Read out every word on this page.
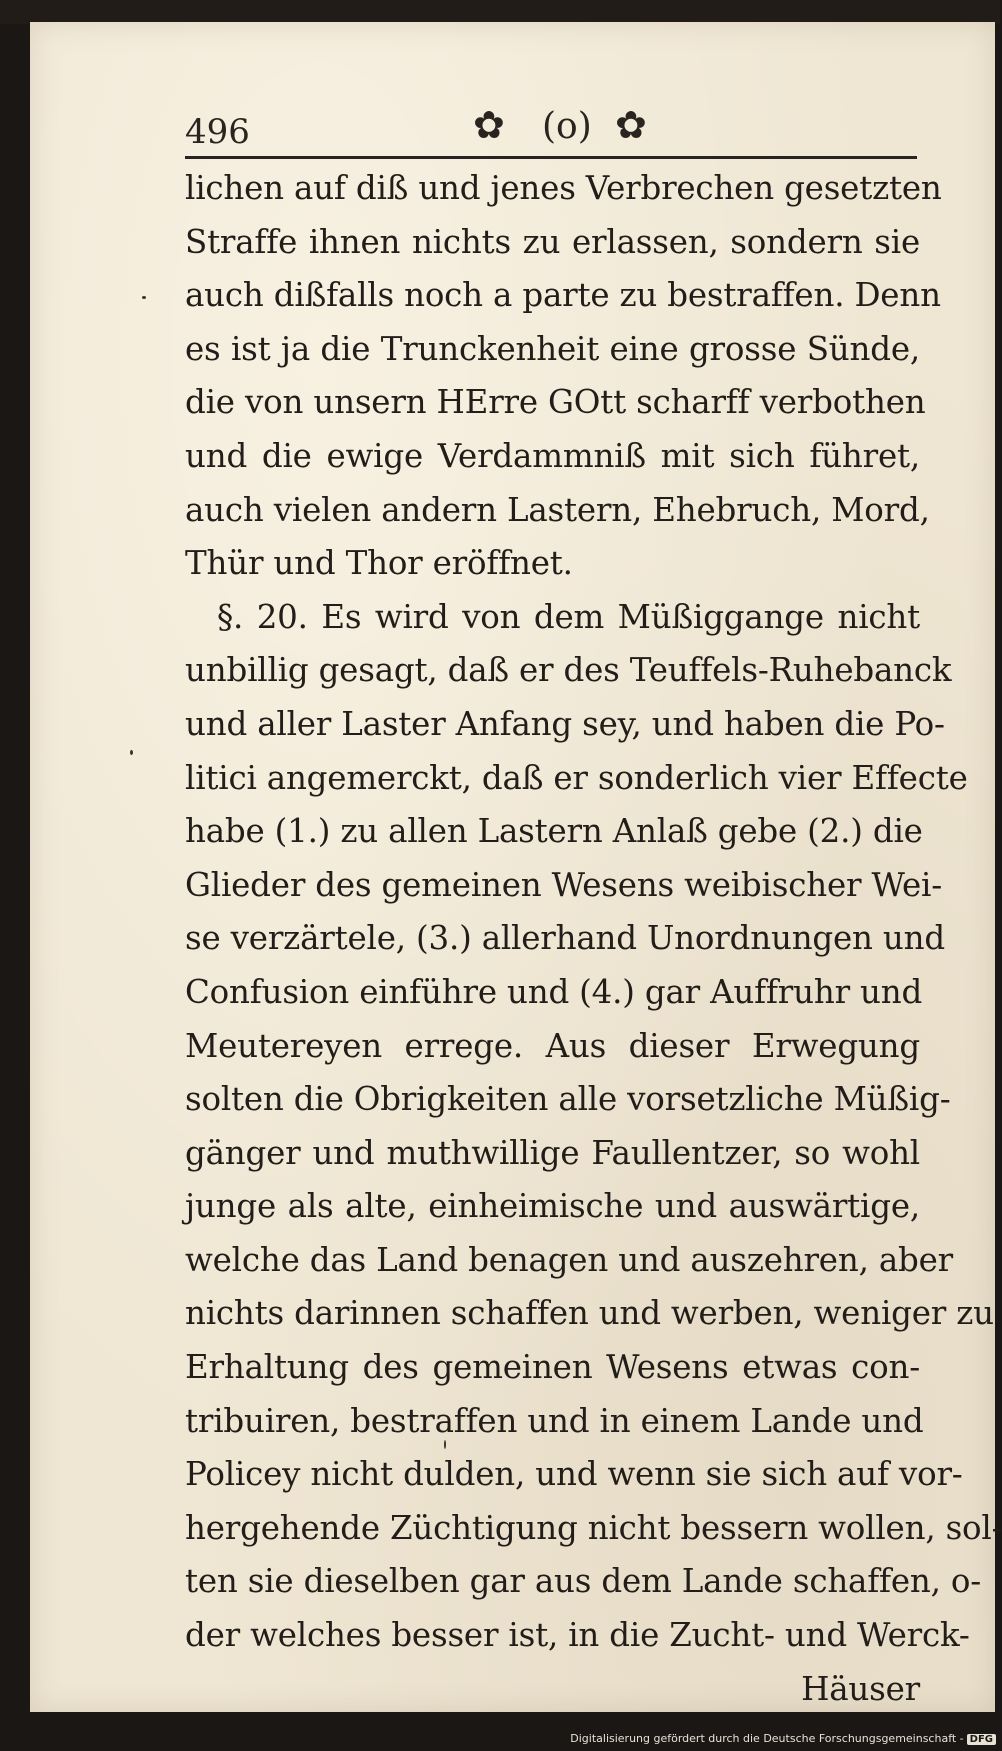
496	✿ (o) ✿
lichen auf diß und jenes Verbrechen gesetzten
Straffe ihnen nichts zu erlassen, sondern sie
auch dißfalls noch a parte zu bestraffen. Denn
es ist ja die Trunckenheit eine grosse Sünde,
die von unsern HErre GOtt scharff verbothen
und die ewige Verdammniß mit sich führet,
auch vielen andern Lastern, Ehebruch, Mord,
Thür und Thor eröffnet.
§. 20. Es wird von dem Müßiggange nicht
unbillig gesagt, daß er des Teuffels-Ruhebanck
und aller Laster Anfang sey, und haben die Po-
litici angemerckt, daß er sonderlich vier Effecte
habe (1.) zu allen Lastern Anlaß gebe (2.) die
Glieder des gemeinen Wesens weibischer Wei-
se verzärtele, (3.) allerhand Unordnungen und
Confusion einführe und (4.) gar Auffruhr und
Meutereyen errege. Aus dieser Erwegung
solten die Obrigkeiten alle vorsetzliche Müßig-
gänger und muthwillige Faullentzer, so wohl
junge als alte, einheimische und auswärtige,
welche das Land benagen und auszehren, aber
nichts darinnen schaffen und werben, weniger zu
Erhaltung des gemeinen Wesens etwas con-
tribuiren, bestraffen und in einem Lande und
Policey nicht dulden, und wenn sie sich auf vor-
hergehende Züchtigung nicht bessern wollen, sol-
ten sie dieselben gar aus dem Lande schaffen, o-
der welches besser ist, in die Zucht- und Werck-
Häuser
Digitalisierung gefördert durch die Deutsche Forschungsgemeinschaft - DFG
